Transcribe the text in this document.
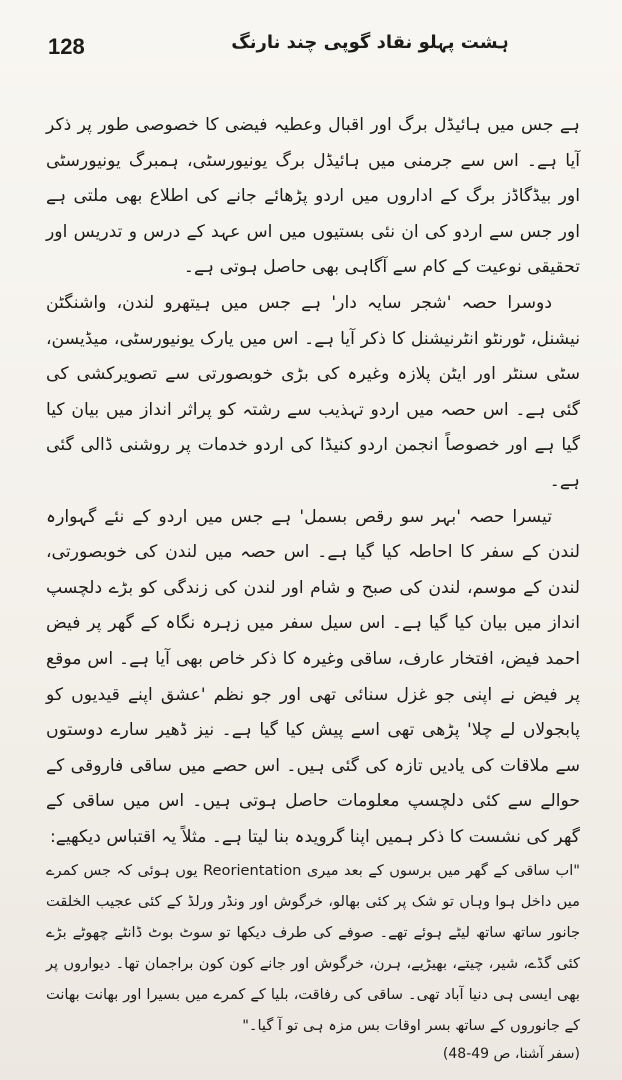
128	ہشت پہلو نقاد گوپی چند نارنگ

ہے جس میں ہائیڈل برگ اور اقبال وعطیہ فیضی کا خصوصی طور پر ذکر آیا ہے۔ اس سے جرمنی میں ہائیڈل برگ یونیورسٹی، ہمبرگ یونیورسٹی اور بیڈگاڈز برگ کے اداروں میں اردو پڑھائے جانے کی اطلاع بھی ملتی ہے اور جس سے اردو کی ان نئی بستیوں میں اس عہد کے درس و تدریس اور تحقیقی نوعیت کے کام سے آگاہی بھی حاصل ہوتی ہے۔

دوسرا حصہ 'شجر سایہ دار' ہے جس میں ہیتھرو لندن، واشنگٹن نیشنل، ٹورنٹو انٹرنیشنل کا ذکر آیا ہے۔ اس میں یارک یونیورسٹی، میڈیسن، سٹی سنٹر اور ایٹن پلازہ وغیرہ کی بڑی خوبصورتی سے تصویرکشی کی گئی ہے۔ اس حصہ میں اردو تہذیب سے رشتہ کو پراثر انداز میں بیان کیا گیا ہے اور خصوصاً انجمن اردو کنیڈا کی اردو خدمات پر روشنی ڈالی گئی ہے۔

تیسرا حصہ 'بہر سو رقص بسمل' ہے جس میں اردو کے نئے گہوارہ لندن کے سفر کا احاطہ کیا گیا ہے۔ اس حصہ میں لندن کی خوبصورتی، لندن کے موسم، لندن کی صبح و شام اور لندن کی زندگی کو بڑے دلچسپ انداز میں بیان کیا گیا ہے۔ اس سیل سفر میں زہرہ نگاہ کے گھر پر فیض احمد فیض، افتخار عارف، ساقی وغیرہ کا ذکر خاص بھی آیا ہے۔ اس موقع پر فیض نے اپنی جو غزل سنائی تھی اور جو نظم 'عشق اپنے قیدیوں کو پابجولاں لے چلا' پڑھی تھی اسے پیش کیا گیا ہے۔ نیز ڈھیر سارے دوستوں سے ملاقات کی یادیں تازہ کی گئی ہیں۔ اس حصے میں ساقی فاروقی کے حوالے سے کئی دلچسپ معلومات حاصل ہوتی ہیں۔ اس میں ساقی کے گھر کی نشست کا ذکر ہمیں اپنا گرویدہ بنا لیتا ہے۔ مثلاً یہ اقتباس دیکھیے:

"اب ساقی کے گھر میں برسوں کے بعد میری Reorientation یوں ہوئی کہ جس کمرے میں داخل ہوا وہاں تو شک پر کئی بھالو، خرگوش اور ونڈر ورلڈ کے کئی عجیب الخلقت جانور ساتھ ساتھ لیٹے ہوئے تھے۔ صوفے کی طرف دیکھا تو سوٹ بوٹ ڈانٹے چھوٹے بڑے کئی گڈے، شیر، چیتے، بھیڑیے، ہرن، خرگوش اور جانے کون کون براجمان تھا۔ دیواروں پر بھی ایسی ہی دنیا آباد تھی۔ ساقی کی رفاقت، بلیا کے کمرے میں بسیرا اور بھانت بھانت کے جانوروں کے ساتھ بسر اوقات بس مزہ ہی تو آ گیا۔"

(سفر آشنا، ص 49-48)
